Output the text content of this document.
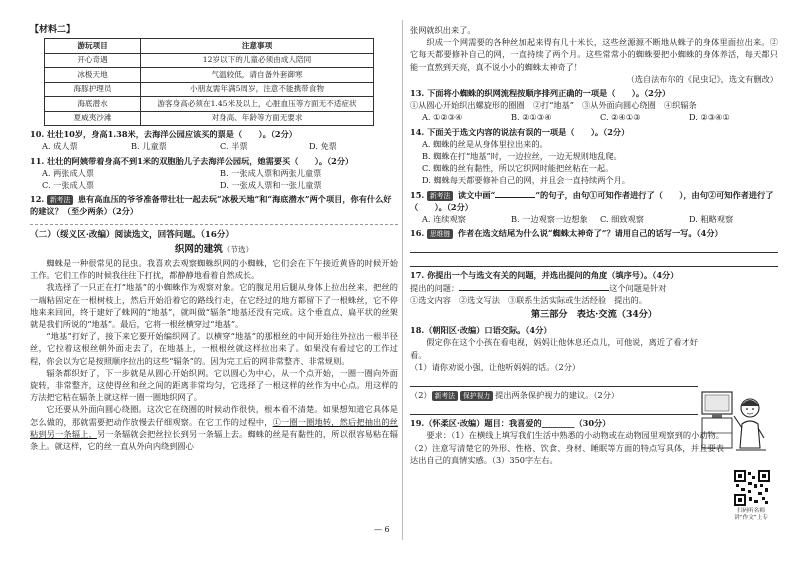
【材料二】
游玩项目	注意事项
开心奇遇	12岁以下的儿童必须由成人陪同
冰极天地	气温较低，请自备外套御寒
海豚护理员	小朋友需年满5周岁，注意不能携带食物
海底潜水	游客身高必须在1.45米及以上，心脏血压等方面无不适症状
夏威夷沙滩	对身高、年龄等方面无要求
10. 壮壮10岁，身高1.38米，去海洋公园应该买的票是（　　）。（2分）
A. 成人票	B. 儿童票	C. 半票	D. 免票
11. 壮壮的阿姨带着身高不到1米的双胞胎儿子去海洋公园玩，她需要买（　　）。（2分）
A. 两张成人票	B. 一张成人票和两张儿童票
C. 一张成人票	D. 一张成人票和一张儿童票
12. 新考法 患有高血压的爷爷准备带壮壮一起去玩“冰极天地”和“海底潜水”两个项目，你有什么好的建议？（至少两条）（2分）
（二）（绥义区·改编）阅读选文，回答问题。（16分）
织网的建筑（节选）
蜘蛛是一种很常见的昆虫。我喜欢去观察蜘蛛织网的小蜘蛛，它们会在下午接近黄昏的时候开始工作。它们工作的时候我往往下打扰，都静静地看着自然成长。
我选择了一只正在打“地基”的小蜘蛛作为观察对象。它的腹足用后腿从身体上拉出丝来，把丝的一端粘固定在一根树枝上，然后开始沿着它的路线行走，在它经过的地方都留下了一根蛛丝，它不停地来来回回，终于建好了蛛网的“地基”，就叫做“辐条”地基还没有完成。这个垂直点、扁平状的丝架就是我们所说的“地基”。最后，它将一根丝横穿过“地基”。
“地基”打好了，接下来它要开始编织网了。以横穿“地基”的那根丝的中间开始往外拉出一根半径丝，它拉着这根丝朝外面走去了，在地基上，一根根丝就这样拉出来了。如果没有看过它的工作过程，你会以为它是按照顺序拉出的这些“辐条”的。因为完工后的网非常整齐、非常规则。
辐条都织好了，下一步就是从圆心开始织网。它以圆心为中心，从一个点开始，一圈一圈向外面旋转，非常整齐，这使得丝和丝之间的距离非常均匀，它选择了一根这样的丝作为中心点。用这样的方法把它粘在辐条上就这样一圈一圈地织网了。
它还要从外面向圆心绕圈。这次它在绕圈的时候动作很快，根本看不清楚。如果想知道它具体是怎么做的，那就需要把动作放慢去仔细观察。在它工作的过程中，①一圈一圈地转，然后把抽出的丝粘到另一条辐上，另一条辐就会把丝拉长到另一条辐上去。蜘蛛的丝是有黏性的，所以很容易粘在辐条上。就这样，它的丝一直从外向内绕到圆心
张网就织出来了。
织成一个网需要的各种丝加起来得有几十米长，这些丝源源不断地从蛛子的身体里面拉出来。②它每天都要修补自己的网，一直持续了两个月。这些常常小的蜘蛛要把小蜘蛛的身体养活，每天都只能一直熬到天亮，真不说小小的蜘蛛太神奇了！
（选自法布尔的《昆虫记》，选文有删改）
13. 下面将小蜘蛛的织网流程按顺序排列正确的一项是（　　）。（2分）
①从圆心开始织出螺旋形的圈圈　②打“地基”　③从外面向圆心绕圈　④织辐条
A. ①②③④	B. ②①③④	C. ②④①③	D. ②③④①
14. 下面关于选文内容的说法有误的一项是（　　）。（2分）
A. 蜘蛛的丝是从身体里拉出来的。
B. 蜘蛛在打“地基”时，一边拉丝，一边无规则地乱爬。
C. 蜘蛛的丝有黏性，所以它织网时能把丝粘在一起。
D. 蜘蛛每天都要修补自己的网，并且会一直持续两个月。
15. 新考法 读文中画“	”的句子，由句①可知作者进行了（　　），由句②可知作者进行了（　　）。（2分）
A. 连续观察	B. 一边观察一边想象	C. 细致观察	D. 粗略观察
16. 思维链 作者在选文结尾为什么说“蜘蛛太神奇了”？请用自己的话写一写。（4分）
17. 你提出一个与选文有关的问题，并选出提问的角度（填序号）。（4分）
提出的问题：	这个问题是针对
①选文内容 ②选文写法 ③联系生活实际或生活经验 提出的。
第三部分　表达·交流（34分）
18.（朝阳区·改编）口语交际。（4分）
假定你在这个小孩在看电视，妈妈让他休息还点儿，可他说，离近了看才好看。
（1）请你劝说小强，让他听妈妈的话。（2分）
（2） 新考法 保护视力 提出两条保护视力的建议。（2分）
19.（怀柔区·改编）题目：我喜爱的________（30分）
要求：（1）在横线上填写我们生活中熟悉的小动物或在动物园里观察到的小动物。（2）注意写清楚它的外形、性格、饮食、身材、睡眠等方面的特点写具体，并且要表达出自己的真情实感。（3）350字左右。
扫码听名师讲“作文”上专
— 6
